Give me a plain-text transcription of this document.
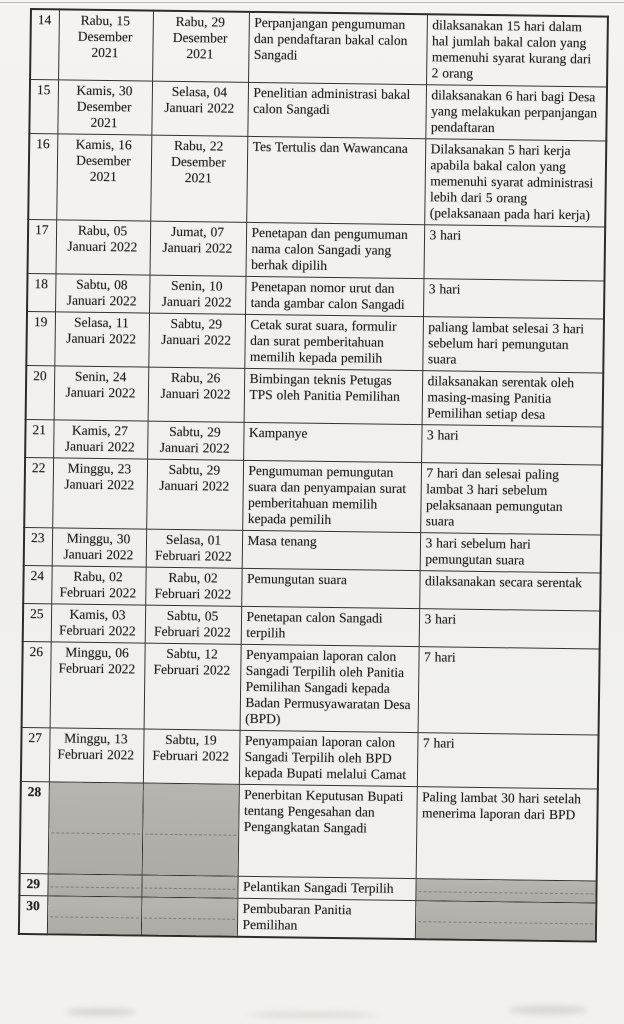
14	Rabu, 15 Desember 2021	Rabu, 29 Desember 2021	Perpanjangan pengumuman dan pendaftaran bakal calon Sangadi	dilaksanakan 15 hari dalam hal jumlah bakal calon yang memenuhi syarat kurang dari 2 orang
15	Kamis, 30 Desember 2021	Selasa, 04 Januari 2022	Penelitian administrasi bakal calon Sangadi	dilaksanakan 6 hari bagi Desa yang melakukan perpanjangan pendaftaran
16	Kamis, 16 Desember 2021	Rabu, 22 Desember 2021	Tes Tertulis dan Wawancana	Dilaksanakan 5 hari kerja apabila bakal calon yang memenuhi syarat administrasi lebih dari 5 orang (pelaksanaan pada hari kerja)
17	Rabu, 05 Januari 2022	Jumat, 07 Januari 2022	Penetapan dan pengumuman nama calon Sangadi yang berhak dipilih	3 hari
18	Sabtu, 08 Januari 2022	Senin, 10 Januari 2022	Penetapan nomor urut dan tanda gambar calon Sangadi	3 hari
19	Selasa, 11 Januari 2022	Sabtu, 29 Januari 2022	Cetak surat suara, formulir dan surat pemberitahuan memilih kepada pemilih	paliang lambat selesai 3 hari sebelum hari pemungutan suara
20	Senin, 24 Januari 2022	Rabu, 26 Januari 2022	Bimbingan teknis Petugas TPS oleh Panitia Pemilihan	dilaksanakan serentak oleh masing-masing Panitia Pemilihan setiap desa
21	Kamis, 27 Januari 2022	Sabtu, 29 Januari 2022	Kampanye	3 hari
22	Minggu, 23 Januari 2022	Sabtu, 29 Januari 2022	Pengumuman pemungutan suara dan penyampaian surat pemberitahuan memilih kepada pemilih	7 hari dan selesai paling lambat 3 hari sebelum pelaksanaan pemungutan suara
23	Minggu, 30 Januari 2022	Selasa, 01 Februari 2022	Masa tenang	3 hari sebelum hari pemungutan suara
24	Rabu, 02 Februari 2022	Rabu, 02 Februari 2022	Pemungutan suara	dilaksanakan secara serentak
25	Kamis, 03 Februari 2022	Sabtu, 05 Februari 2022	Penetapan calon Sangadi terpilih	3 hari
26	Minggu, 06 Februari 2022	Sabtu, 12 Februari 2022	Penyampaian laporan calon Sangadi Terpilih oleh Panitia Pemilihan Sangadi kepada Badan Permusyawaratan Desa (BPD)	7 hari
27	Minggu, 13 Februari 2022	Sabtu, 19 Februari 2022	Penyampaian laporan calon Sangadi Terpilih oleh BPD kepada Bupati melalui Camat	7 hari
28			Penerbitan Keputusan Bupati tentang Pengesahan dan Pengangkatan Sangadi	Paling lambat 30 hari setelah menerima laporan dari BPD
29			Pelantikan Sangadi Terpilih	
30			Pembubaran Panitia Pemilihan	
